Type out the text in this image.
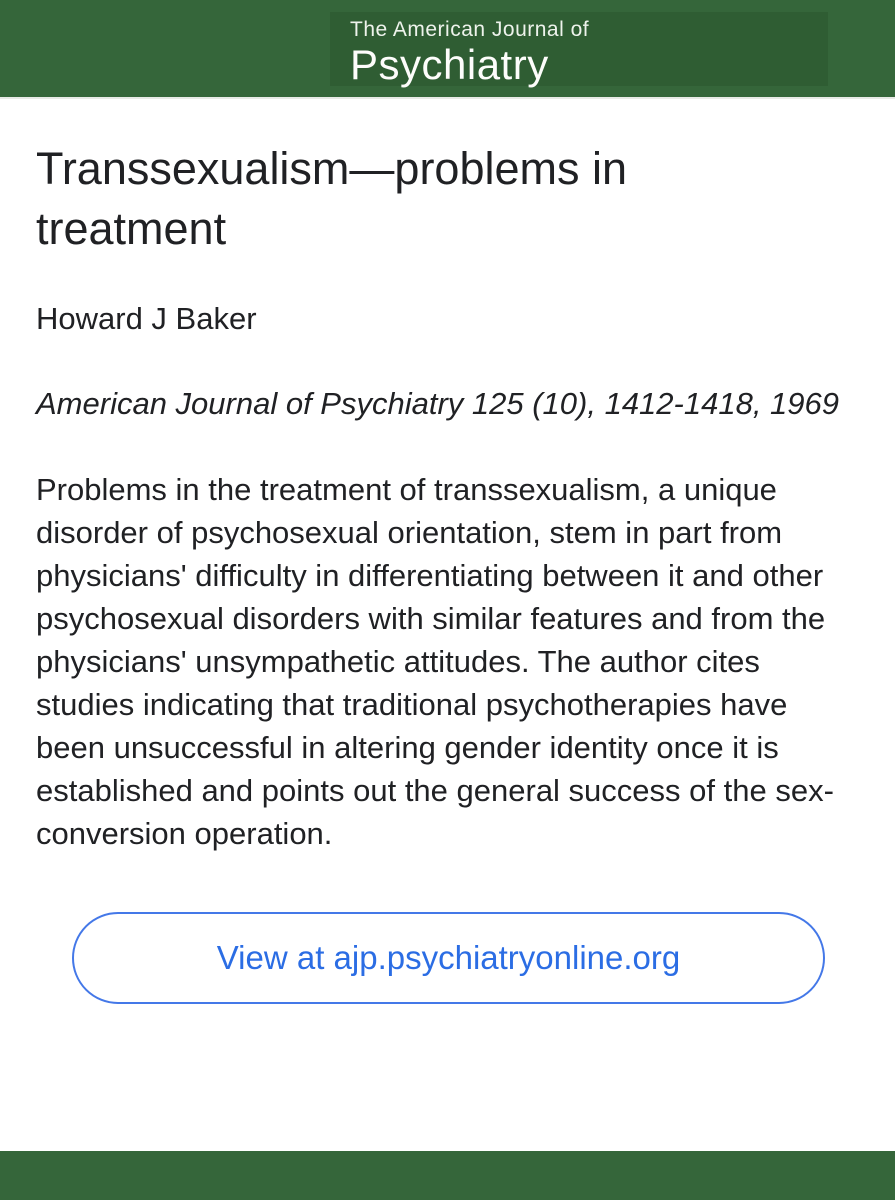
The American Journal of
Psychiatry
Transsexualism—problems in treatment
Howard J Baker
American Journal of Psychiatry 125 (10), 1412-1418, 1969
Problems in the treatment of transsexualism, a unique disorder of psychosexual orientation, stem in part from physicians' difficulty in differentiating between it and other psychosexual disorders with similar features and from the physicians' unsympathetic attitudes. The author cites studies indicating that traditional psychotherapies have been unsuccessful in altering gender identity once it is established and points out the general success of the sex-conversion operation.
View at ajp.psychiatryonline.org
